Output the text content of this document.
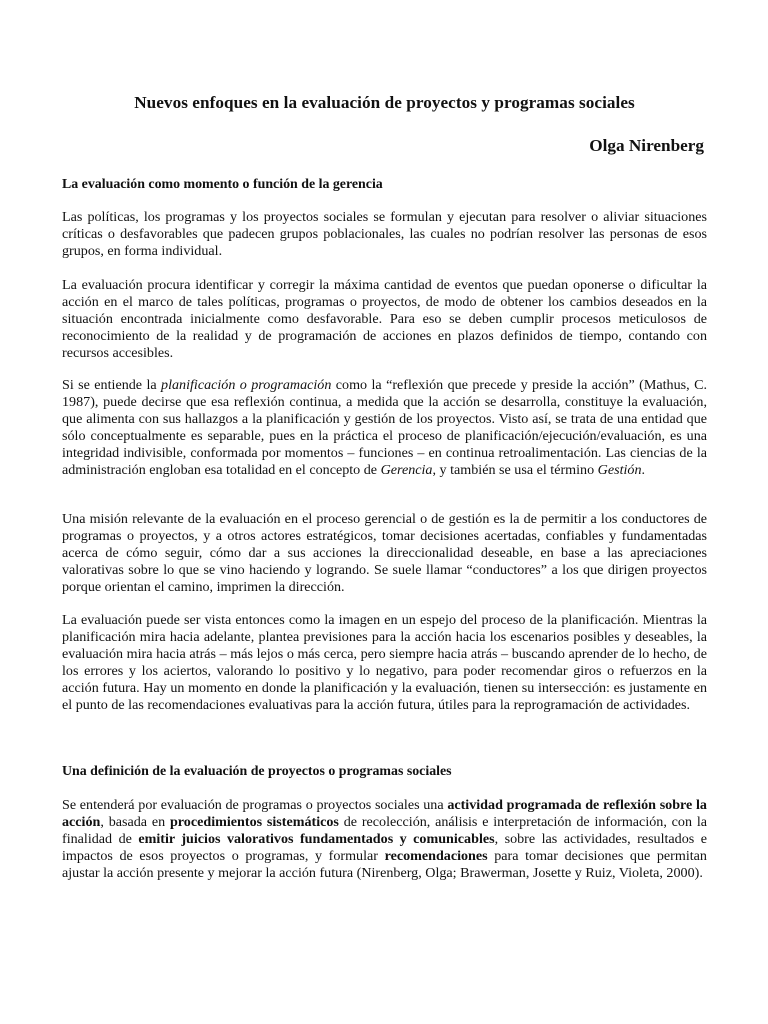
Nuevos enfoques en la evaluación de proyectos y programas sociales
Olga Nirenberg
La evaluación como momento o función de la gerencia

Las políticas, los programas y los proyectos sociales se formulan y ejecutan para resolver o aliviar situaciones críticas o desfavorables que padecen grupos poblacionales, las cuales no podrían resolver las personas de esos grupos, en forma individual.

La evaluación procura identificar y corregir la máxima cantidad de eventos que puedan oponerse o dificultar la acción en el marco de tales políticas, programas o proyectos, de modo de obtener los cambios deseados en la situación encontrada inicialmente como desfavorable. Para eso se deben cumplir procesos meticulosos de reconocimiento de la realidad y de programación de acciones en plazos definidos de tiempo, contando con recursos accesibles.

Si se entiende la planificación o programación como la “reflexión que precede y preside la acción” (Mathus, C. 1987), puede decirse que esa reflexión continua, a medida que la acción se desarrolla, constituye la evaluación, que alimenta con sus hallazgos a la planificación y gestión de los proyectos. Visto así, se trata de una entidad que sólo conceptualmente es separable, pues en la práctica el proceso de planificación/ejecución/evaluación, es una integridad indivisible, conformada por momentos – funciones – en continua retroalimentación. Las ciencias de la administración engloban esa totalidad en el concepto de Gerencia, y también se usa el término Gestión.

Una misión relevante de la evaluación en el proceso gerencial o de gestión es la de permitir a los conductores de programas o proyectos, y a otros actores estratégicos, tomar decisiones acertadas, confiables y fundamentadas acerca de cómo seguir, cómo dar a sus acciones la direccionalidad deseable, en base a las apreciaciones valorativas sobre lo que se vino haciendo y logrando. Se suele llamar “conductores” a los que dirigen proyectos porque orientan el camino, imprimen la dirección.

La evaluación puede ser vista entonces como la imagen en un espejo del proceso de la planificación. Mientras la planificación mira hacia adelante, plantea previsiones para la acción hacia los escenarios posibles y deseables, la evaluación mira hacia atrás – más lejos o más cerca, pero siempre hacia atrás – buscando aprender de lo hecho, de los errores y los aciertos, valorando lo positivo y lo negativo, para poder recomendar giros o refuerzos en la acción futura. Hay un momento en donde la planificación y la evaluación, tienen su intersección: es justamente en el punto de las recomendaciones evaluativas para la acción futura, útiles para la reprogramación de actividades.

Una definición de la evaluación de proyectos o programas sociales

Se entenderá por evaluación de programas o proyectos sociales una actividad programada de reflexión sobre la acción, basada en procedimientos sistemáticos de recolección, análisis e interpretación de información, con la finalidad de emitir juicios valorativos fundamentados y comunicables, sobre las actividades, resultados e impactos de esos proyectos o programas, y formular recomendaciones para tomar decisiones que permitan ajustar la acción presente y mejorar la acción futura (Nirenberg, Olga; Brawerman, Josette y Ruiz, Violeta, 2000).
